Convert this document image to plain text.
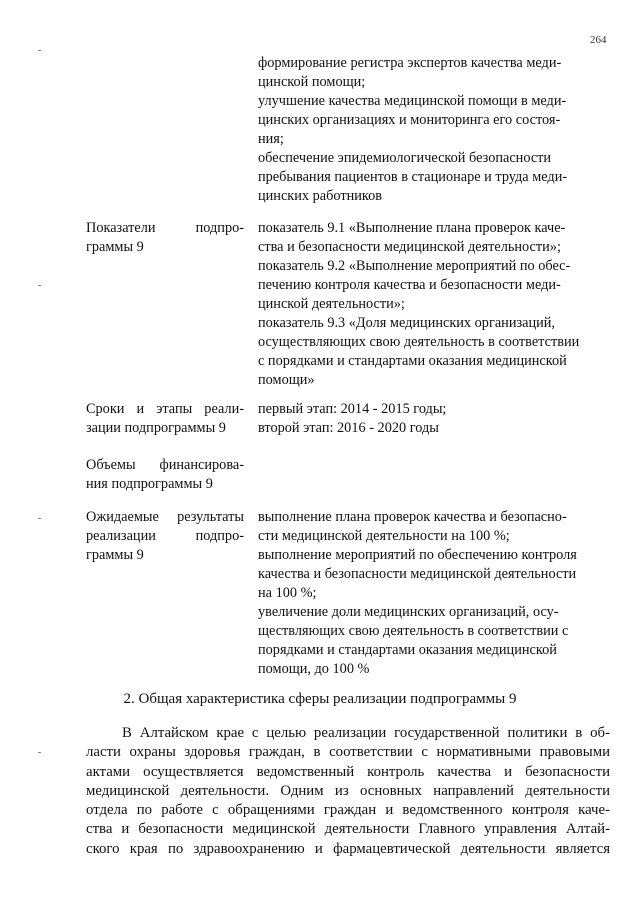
264
формирование регистра экспертов качества меди-
цинской помощи;
улучшение качества медицинской помощи в меди-
цинских организациях и мониторинга его состоя-
ния;
обеспечение эпидемиологической безопасности
пребывания пациентов в стационаре и труда меди-
цинских работников
Показатели подпро-
граммы 9
показатель 9.1 «Выполнение плана проверок каче-
ства и безопасности медицинской деятельности»;
показатель 9.2 «Выполнение мероприятий по обес-
печению контроля качества и безопасности меди-
цинской деятельности»;
показатель 9.3 «Доля медицинских организаций,
осуществляющих свою деятельность в соответствии
с порядками и стандартами оказания медицинской
помощи»
Сроки и этапы реали-
зации подпрограммы 9
первый этап: 2014 - 2015 годы;
второй этап: 2016 - 2020 годы
Объемы финансирова-
ния подпрограммы 9
Ожидаемые результаты
реализации подпро-
граммы 9
выполнение плана проверок качества и безопасно-
сти медицинской деятельности на 100 %;
выполнение мероприятий по обеспечению контроля
качества и безопасности медицинской деятельности
на 100 %;
увеличение доли медицинских организаций, осу-
ществляющих свою деятельность в соответствии с
порядками и стандартами оказания медицинской
помощи, до 100 %
2. Общая характеристика сферы реализации подпрограммы 9
В Алтайском крае с целью реализации государственной политики в об-
ласти охраны здоровья граждан, в соответствии с нормативными правовыми
актами осуществляется ведомственный контроль качества и безопасности
медицинской деятельности. Одним из основных направлений деятельности
отдела по работе с обращениями граждан и ведомственного контроля каче-
ства и безопасности медицинской деятельности Главного управления Алтай-
ского края по здравоохранению и фармацевтической деятельности является
